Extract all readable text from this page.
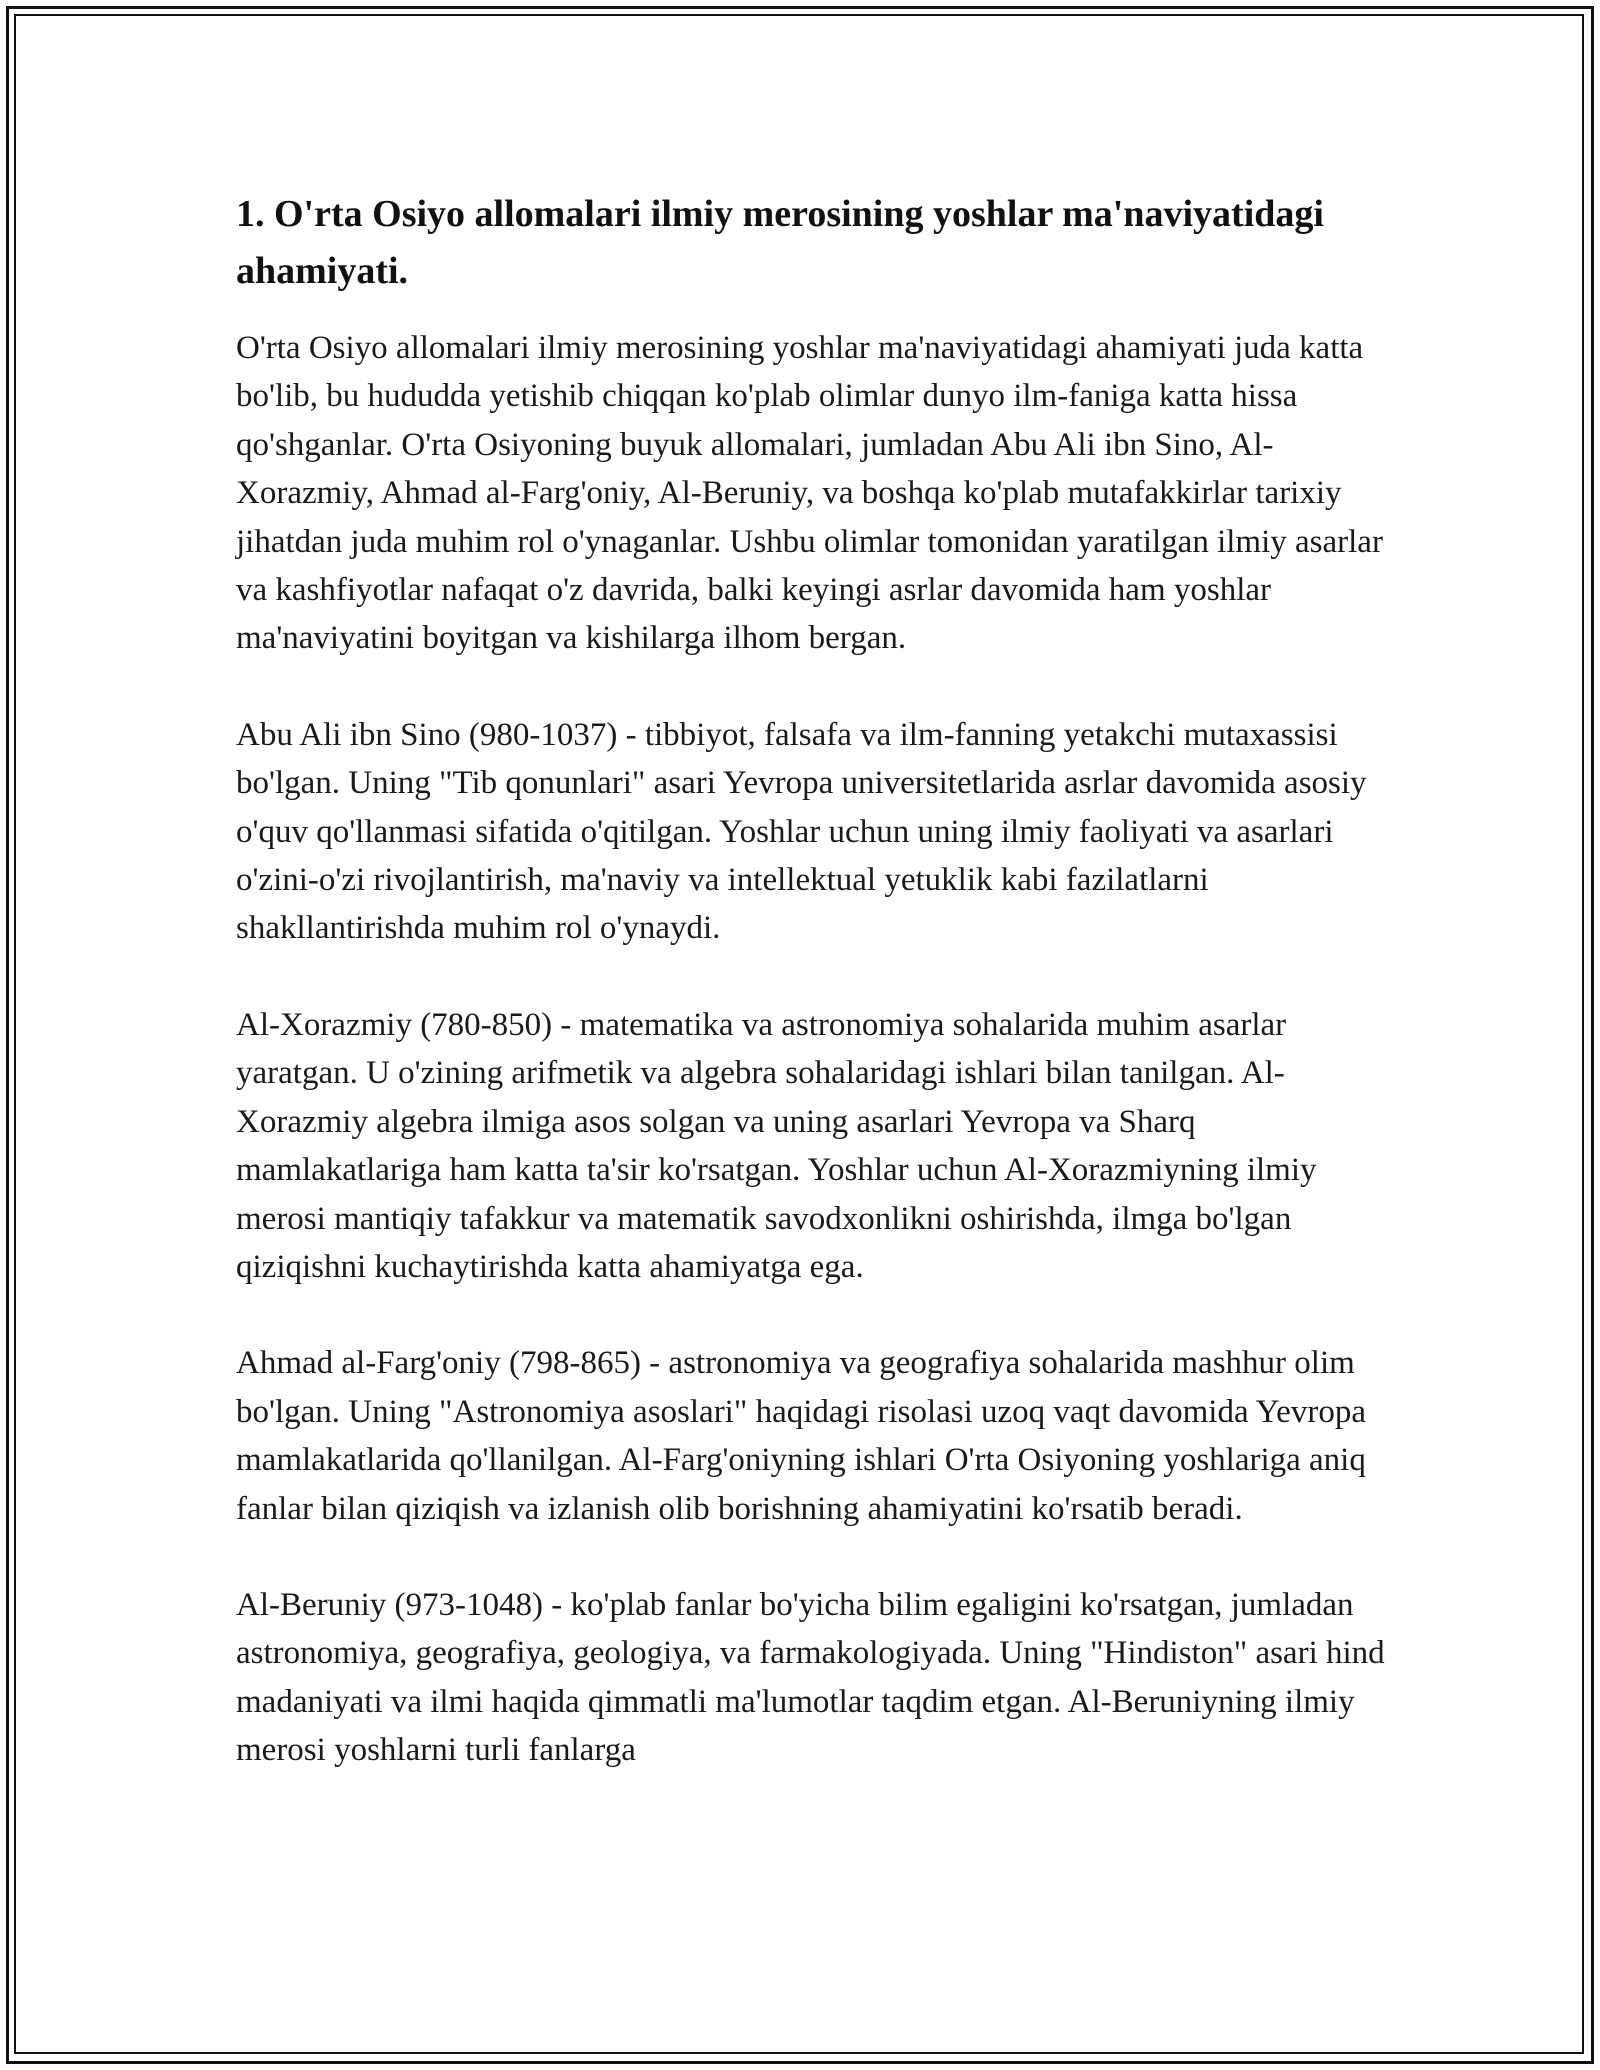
1. O'rta Osiyo allomalari ilmiy merosining yoshlar ma'naviyatidagi ahamiyati.

O'rta Osiyo allomalari ilmiy merosining yoshlar ma'naviyatidagi ahamiyati juda katta bo'lib, bu hududda yetishib chiqqan ko'plab olimlar dunyo ilm-faniga katta hissa qo'shganlar. O'rta Osiyoning buyuk allomalari, jumladan Abu Ali ibn Sino, Al-Xorazmiy, Ahmad al-Farg'oniy, Al-Beruniy, va boshqa ko'plab mutafakkirlar tarixiy jihatdan juda muhim rol o'ynaganlar. Ushbu olimlar tomonidan yaratilgan ilmiy asarlar va kashfiyotlar nafaqat o'z davrida, balki keyingi asrlar davomida ham yoshlar ma'naviyatini boyitgan va kishilarga ilhom bergan.

Abu Ali ibn Sino (980-1037) - tibbiyot, falsafa va ilm-fanning yetakchi mutaxassisi bo'lgan. Uning "Tib qonunlari" asari Yevropa universitetlarida asrlar davomida asosiy o'quv qo'llanmasi sifatida o'qitilgan. Yoshlar uchun uning ilmiy faoliyati va asarlari o'zini-o'zi rivojlantirish, ma'naviy va intellektual yetuklik kabi fazilatlarni shakllantirishda muhim rol o'ynaydi.

Al-Xorazmiy (780-850) - matematika va astronomiya sohalarida muhim asarlar yaratgan. U o'zining arifmetik va algebra sohalaridagi ishlari bilan tanilgan. Al-Xorazmiy algebra ilmiga asos solgan va uning asarlari Yevropa va Sharq mamlakatlariga ham katta ta'sir ko'rsatgan. Yoshlar uchun Al-Xorazmiyning ilmiy merosi mantiqiy tafakkur va matematik savodxonlikni oshirishda, ilmga bo'lgan qiziqishni kuchaytirishda katta ahamiyatga ega.

Ahmad al-Farg'oniy (798-865) - astronomiya va geografiya sohalarida mashhur olim bo'lgan. Uning "Astronomiya asoslari" haqidagi risolasi uzoq vaqt davomida Yevropa mamlakatlarida qo'llanilgan. Al-Farg'oniyning ishlari O'rta Osiyoning yoshlariga aniq fanlar bilan qiziqish va izlanish olib borishning ahamiyatini ko'rsatib beradi.

Al-Beruniy (973-1048) - ko'plab fanlar bo'yicha bilim egaligini ko'rsatgan, jumladan astronomiya, geografiya, geologiya, va farmakologiyada. Uning "Hindiston" asari hind madaniyati va ilmi haqida qimmatli ma'lumotlar taqdim etgan. Al-Beruniyning ilmiy merosi yoshlarni turli fanlarga
